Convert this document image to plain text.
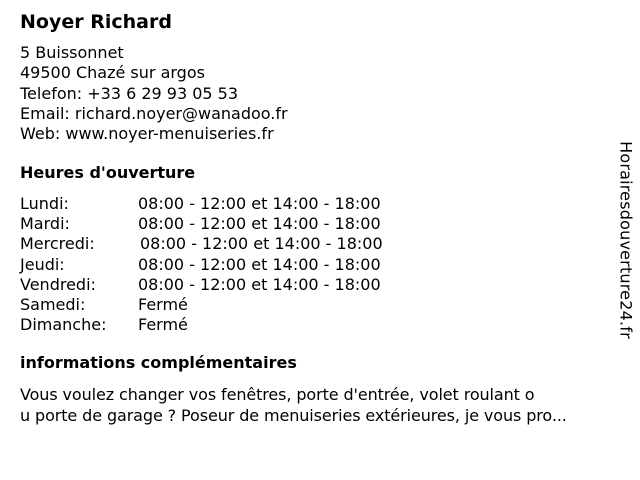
Noyer Richard
5 Buissonnet
49500 Chazé sur argos
Telefon: +33 6 29 93 05 53
Email: richard.noyer@wanadoo.fr
Web: www.noyer-menuiseries.fr
Heures d'ouverture
Lundi:	08:00 - 12:00 et 14:00 - 18:00
Mardi:	08:00 - 12:00 et 14:00 - 18:00
Mercredi:	08:00 - 12:00 et 14:00 - 18:00
Jeudi:	08:00 - 12:00 et 14:00 - 18:00
Vendredi:	08:00 - 12:00 et 14:00 - 18:00
Samedi:	Fermé
Dimanche: Fermé
informations complémentaires
Vous voulez changer vos fenêtres, porte d'entrée, volet roulant o
u porte de garage ? Poseur de menuiseries extérieures, je vous pro...
Horairesdouverture24.fr
